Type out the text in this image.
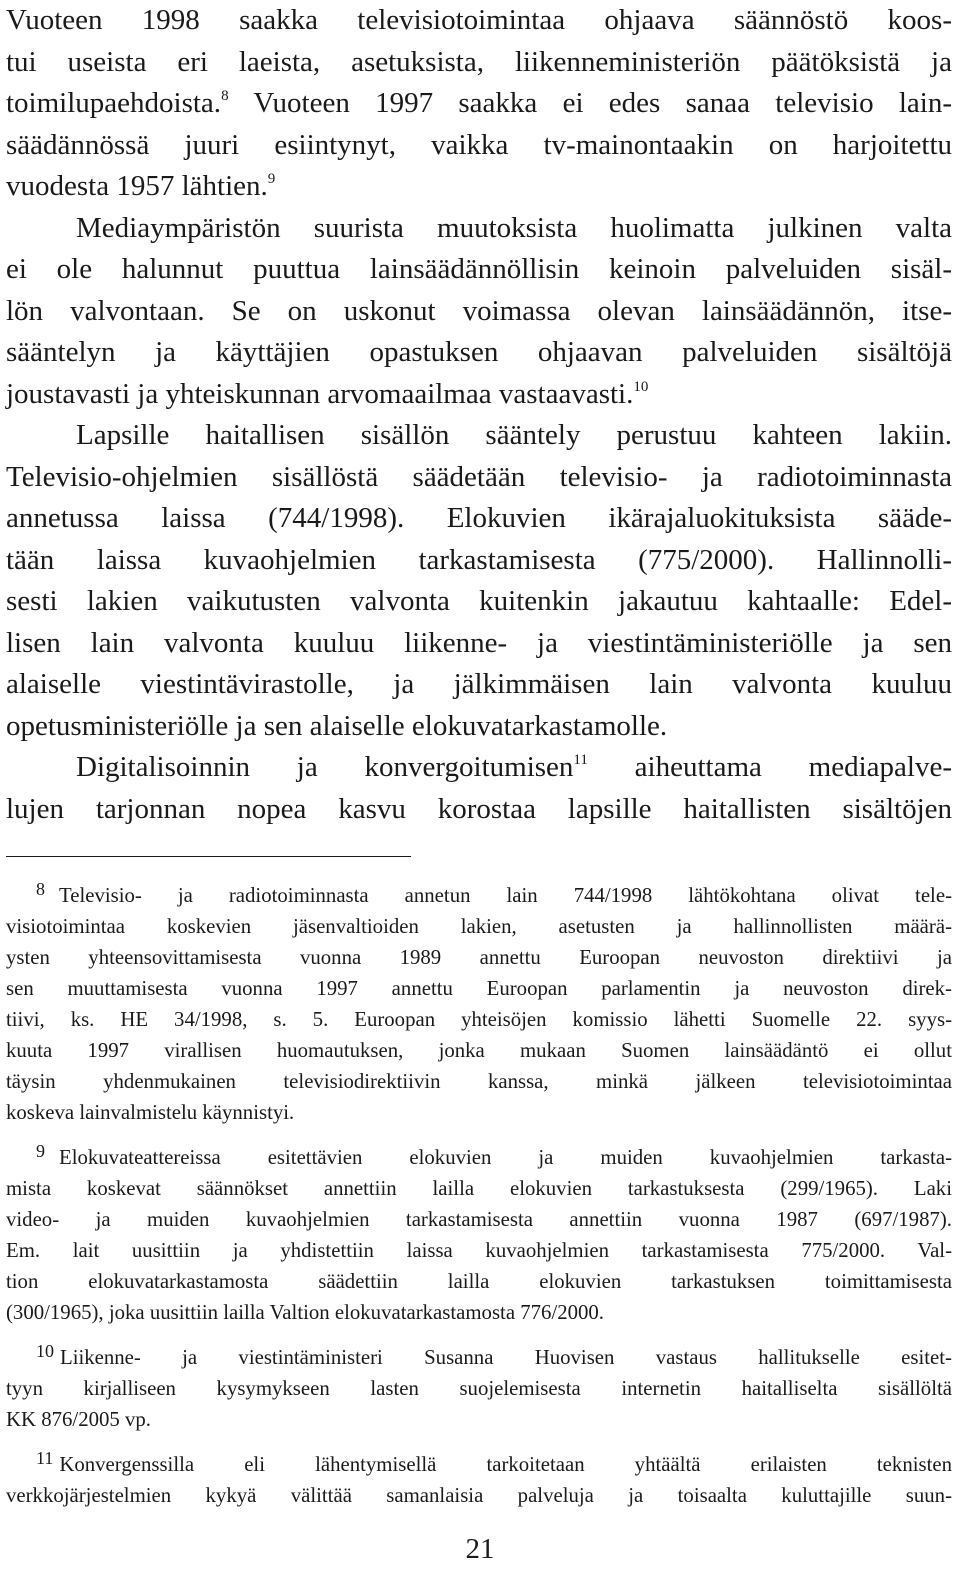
Vuoteen 1998 saakka televisiotoimintaa ohjaava säännöstö koos-
tui useista eri laeista, asetuksista, liikenneministeriön päätöksistä ja
toimilupaehdoista.$^8$ Vuoteen 1997 saakka ei edes sanaa televisio lain-
säädännössä juuri esiintynyt, vaikka tv-mainontaakin on harjoitettu
vuodesta 1957 lähtien.$^9$

Mediaympäristön suurista muutoksista huolimatta julkinen valta
ei ole halunnut puuttua lainsäädännöllisin keinoin palveluiden sisäl-
lön valvontaan. Se on uskonut voimassa olevan lainsäädännön, itse-
sääntelyn ja käyttäjien opastuksen ohjaavan palveluiden sisältöjä
joustavasti ja yhteiskunnan arvomaailmaa vastaavasti.$^{10}$

Lapsille haitallisen sisällön sääntely perustuu kahteen lakiin.
Televisio-ohjelmien sisällöstä säädetään televisio- ja radiotoiminnasta
annetussa laissa (744/1998). Elokuvien ikärajaluokituksista sääde-
tään laissa kuvaohjelmien tarkastamisesta (775/2000). Hallinnolli-
sesti lakien vaikutusten valvonta kuitenkin jakautuu kahtaalle: Edel-
lisen lain valvonta kuuluu liikenne- ja viestintäministeriölle ja sen
alaiselle viestintävirastolle, ja jälkimmäisen lain valvonta kuuluu
opetusministeriölle ja sen alaiselle elokuvatarkastamolle.

Digitalisoinnin ja konvergoitumisen$^{11}$ aiheuttama mediapalve-
lujen tarjonnan nopea kasvu korostaa lapsille haitallisten sisältöjen

8 Televisio- ja radiotoiminnasta annetun lain 744/1998 lähtökohtana olivat tele-
visiotoimintaa koskevien jäsenvaltioiden lakien, asetusten ja hallinnollisten määrä-
ysten yhteensovittamisesta vuonna 1989 annettu Euroopan neuvoston direktiivi ja
sen muuttamisesta vuonna 1997 annettu Euroopan parlamentin ja neuvoston direk-
tiivi, ks. HE 34/1998, s. 5. Euroopan yhteisöjen komissio lähetti Suomelle 22. syys-
kuuta 1997 virallisen huomautuksen, jonka mukaan Suomen lainsäädäntö ei ollut
täysin yhdenmukainen televisiodirektiivin kanssa, minkä jälkeen televisiotoimintaa
koskeva lainvalmistelu käynnistyi.
9 Elokuvateattereissa esitettävien elokuvien ja muiden kuvaohjelmien tarkasta-
mista koskevat säännökset annettiin lailla elokuvien tarkastuksesta (299/1965). Laki
video- ja muiden kuvaohjelmien tarkastamisesta annettiin vuonna 1987 (697/1987).
Em. lait uusittiin ja yhdistettiin laissa kuvaohjelmien tarkastamisesta 775/2000. Val-
tion elokuvatarkastamosta säädettiin lailla elokuvien tarkastuksen toimittamisesta
(300/1965), joka uusittiin lailla Valtion elokuvatarkastamosta 776/2000.
10 Liikenne- ja viestintäministeri Susanna Huovisen vastaus hallitukselle esitet-
tyyn kirjalliseen kysymykseen lasten suojelemisesta internetin haitalliselta sisällöltä
KK 876/2005 vp.
11 Konvergenssilla eli lähentymisellä tarkoitetaan yhtäältä erilaisten teknisten
verkkojärjestelmien kykyä välittää samanlaisia palveluja ja toisaalta kuluttajille suun-
21
